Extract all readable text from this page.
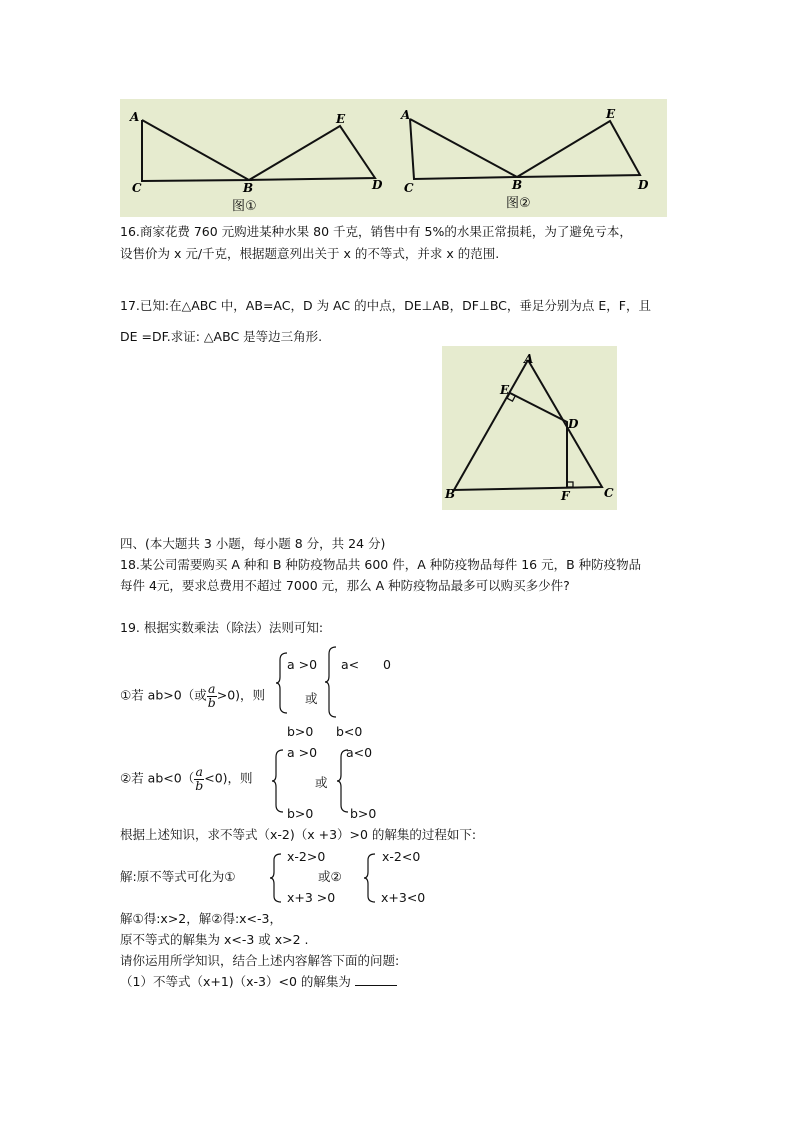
A	E
C	B	D
A	E
C	B	D
图①	图②
16.商家花费 760 元购进某种水果 80 千克，销售中有 5%的水果正常损耗，为了避免亏本，
设售价为 x 元/千克，根据题意列出关于 x 的不等式，并求 x 的范围.
17.已知:在△ABC 中，AB=AC，D 为 AC 的中点，DE⊥AB，DF⊥BC，垂足分别为点 E，F，且
DE =DF.求证: △ABC 是等边三角形.
A
E
D
B	F	C
四、(本大题共 3 小题，每小题 8 分，共 24 分)
18.某公司需要购买 A 种和 B 种防疫物品共 600 件，A 种防疫物品每件 16 元，B 种防疫物品
每件 4元，要求总费用不超过 7000 元，那么 A 种防疫物品最多可以购买多少件?
19. 根据实数乘法（除法）法则可知:
①若 ab>0（或 $\frac{a}{b} >0$)，则
a >0
或
a<      0
b>0 b<0
②若 $ab<0( \frac{a}{b} <0)$，则
a >0
或
a<0
b>0	b>0
根据上述知识，求不等式（x-2)（x +3）>0 的解集的过程如下:
解:原不等式可化为①
x-2>0
或②
x-2<0
x+3 >0	x+3<0
解①得:x>2，解②得:x<-3，
原不等式的解集为 x<-3 或 x>2 .
请你运用所学知识，结合上述内容解答下面的问题:
（1）不等式（x+1)（x-3）<0 的解集为
